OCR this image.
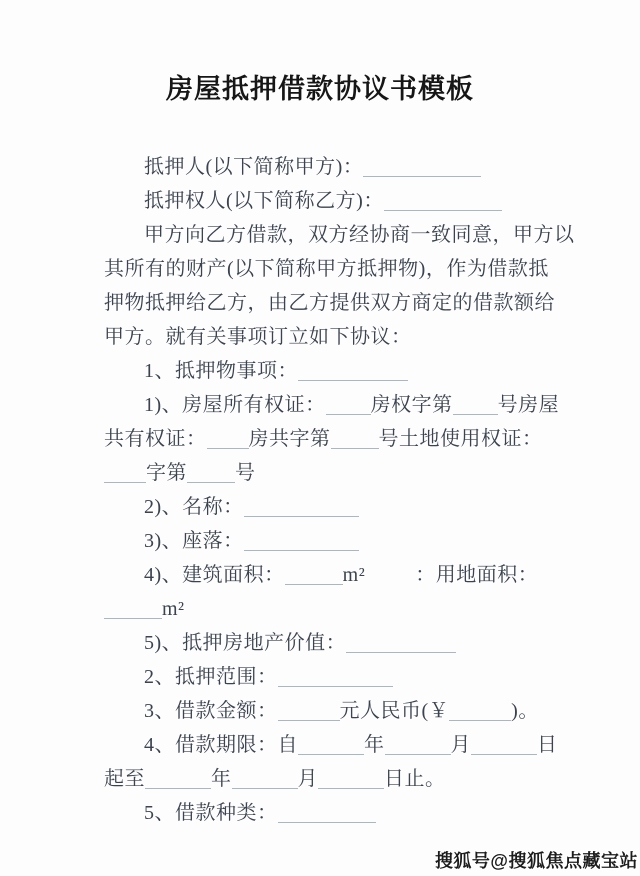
房屋抵押借款协议书模板
抵押人(以下简称甲方)：
抵押权人(以下简称乙方)：
甲方向乙方借款，双方经协商一致同意，甲方以
其所有的财产(以下简称甲方抵押物)，作为借款抵
押物抵押给乙方，由乙方提供双方商定的借款额给
甲方。就有关事项订立如下协议：
1、抵押物事项：
1)、房屋所有权证： 房权字第 号房屋
共有权证： 房共字第 号土地使用权证：
字第 号
2)、名称：
3)、座落：
4)、建筑面积：	m²	：用地面积：
m²
5)、抵押房地产价值：
2、抵押范围：
3、借款金额：	元人民币(￥	)。
4、借款期限：自	年	月	日
起至	年	月	日止。
5、借款种类：
搜狐号@搜狐焦点藏宝站
